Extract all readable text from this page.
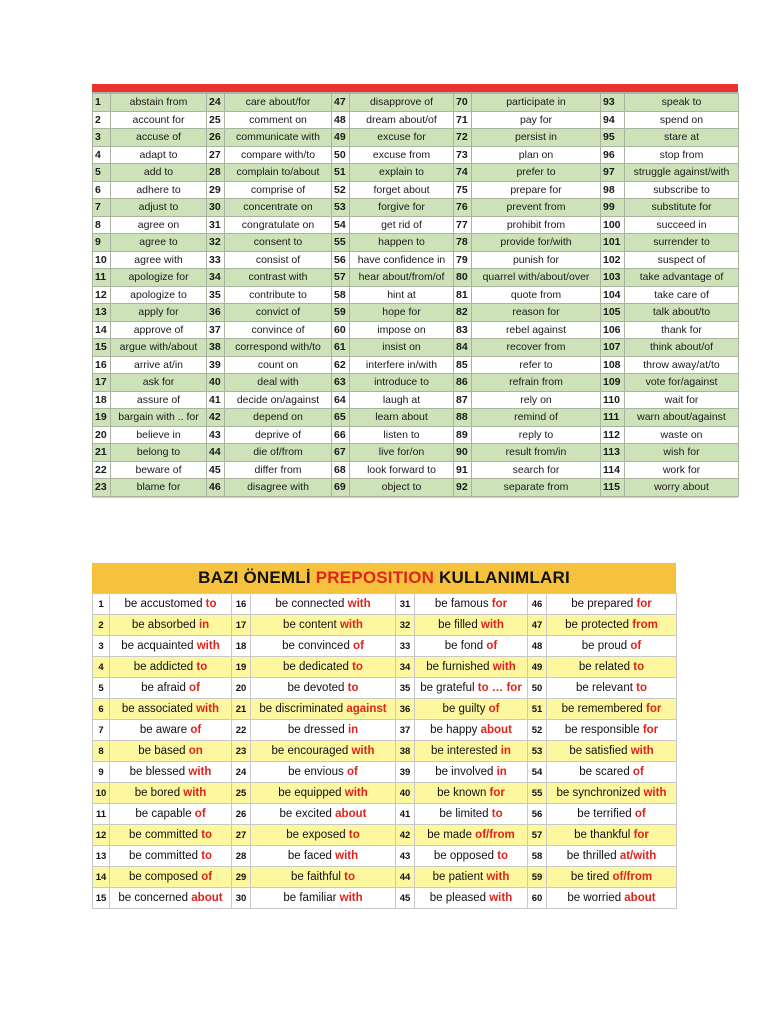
1	abstain from	24	care about/for	47	disapprove of	70	participate in	93	speak to
2	account for	25	comment on	48	dream about/of	71	pay for	94	spend on
3	accuse of	26	communicate with	49	excuse for	72	persist in	95	stare at
4	adapt to	27	compare with/to	50	excuse from	73	plan on	96	stop from
5	add to	28	complain to/about	51	explain to	74	prefer to	97	struggle against/with
6	adhere to	29	comprise of	52	forget about	75	prepare for	98	subscribe to
7	adjust to	30	concentrate on	53	forgive for	76	prevent from	99	substitute for
8	agree on	31	congratulate on	54	get rid of	77	prohibit from	100	succeed in
9	agree to	32	consent to	55	happen to	78	provide for/with	101	surrender to
10	agree with	33	consist of	56	have confidence in	79	punish for	102	suspect of
11	apologize for	34	contrast with	57	hear about/from/of	80	quarrel with/about/over	103	take advantage of
12	apologize to	35	contribute to	58	hint at	81	quote from	104	take care of
13	apply for	36	convict of	59	hope for	82	reason for	105	talk about/to
14	approve of	37	convince of	60	impose on	83	rebel against	106	thank for
15	argue with/about	38	correspond with/to	61	insist on	84	recover from	107	think about/of
16	arrive at/in	39	count on	62	interfere in/with	85	refer to	108	throw away/at/to
17	ask for	40	deal with	63	introduce to	86	refrain from	109	vote for/against
18	assure of	41	decide on/against	64	laugh at	87	rely on	110	wait for
19	bargain with .. for	42	depend on	65	learn about	88	remind of	111	warn about/against
20	believe in	43	deprive of	66	listen to	89	reply to	112	waste on
21	belong to	44	die of/from	67	live for/on	90	result from/in	113	wish for
22	beware of	45	differ from	68	look forward to	91	search for	114	work for
23	blame for	46	disagree with	69	object to	92	separate from	115	worry about
BAZI ÖNEMLİ PREPOSITION KULLANIMLARI
1	be accustomed to	16	be connected with	31	be famous for	46	be prepared for
2	be absorbed in	17	be content with	32	be filled with	47	be protected from
3	be acquainted with	18	be convinced of	33	be fond of	48	be proud of
4	be addicted to	19	be dedicated to	34	be furnished with	49	be related to
5	be afraid of	20	be devoted to	35	be grateful to … for	50	be relevant to
6	be associated with	21	be discriminated against	36	be guilty of	51	be remembered for
7	be aware of	22	be dressed in	37	be happy about	52	be responsible for
8	be based on	23	be encouraged with	38	be interested in	53	be satisfied with
9	be blessed with	24	be envious of	39	be involved in	54	be scared of
10	be bored with	25	be equipped with	40	be known for	55	be synchronized with
11	be capable of	26	be excited about	41	be limited to	56	be terrified of
12	be committed to	27	be exposed to	42	be made of/from	57	be thankful for
13	be committed to	28	be faced with	43	be opposed to	58	be thrilled at/with
14	be composed of	29	be faithful to	44	be patient with	59	be tired of/from
15	be concerned about	30	be familiar with	45	be pleased with	60	be worried about
